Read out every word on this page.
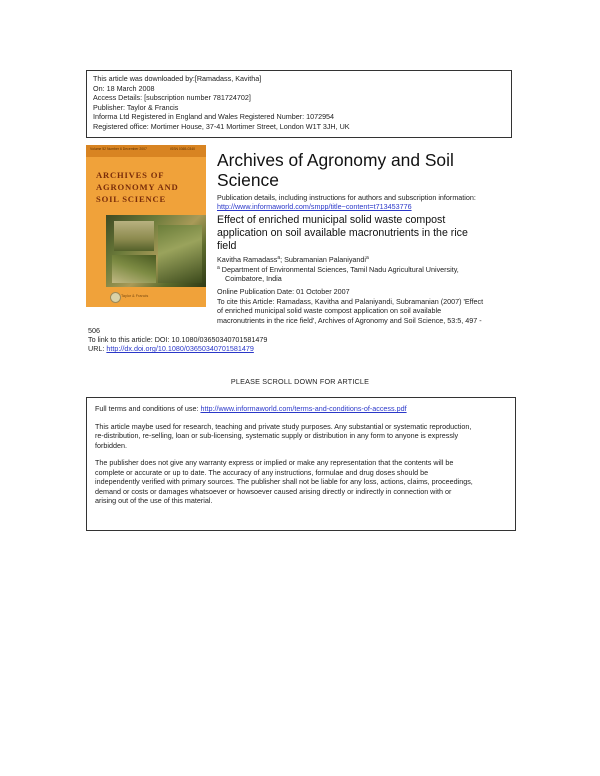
This article was downloaded by:[Ramadass, Kavitha]
On: 18 March 2008
Access Details: [subscription number 781724702]
Publisher: Taylor & Francis
Informa Ltd Registered in England and Wales Registered Number: 1072954
Registered office: Mortimer House, 37-41 Mortimer Street, London W1T 3JH, UK
Volume 52 Number 6 December 2007	ISSN 0365-0340
ARCHIVES OF
AGRONOMY AND
SOIL SCIENCE
Taylor & Francis
Archives of Agronomy and Soil
Science
Publication details, including instructions for authors and subscription information:
http://www.informaworld.com/smpp/title~content=t713453776
Effect of enriched municipal solid waste compost
application on soil available macronutrients in the rice
field
Kavitha Ramadass$^a$; Subramanian Palaniyandi$^a$
$^a$ Department of Environmental Sciences, Tamil Nadu Agricultural University,
Coimbatore, India
Online Publication Date: 01 October 2007
To cite this Article: Ramadass, Kavitha and Palaniyandi, Subramanian (2007) 'Effect
of enriched municipal solid waste compost application on soil available
macronutrients in the rice field', Archives of Agronomy and Soil Science, 53:5, 497 -
506
To link to this article: DOI: 10.1080/03650340701581479
URL: http://dx.doi.org/10.1080/03650340701581479
PLEASE SCROLL DOWN FOR ARTICLE
Full terms and conditions of use: http://www.informaworld.com/terms-and-conditions-of-access.pdf
This article maybe used for research, teaching and private study purposes. Any substantial or systematic reproduction,
re-distribution, re-selling, loan or sub-licensing, systematic supply or distribution in any form to anyone is expressly
forbidden.
The publisher does not give any warranty express or implied or make any representation that the contents will be
complete or accurate or up to date. The accuracy of any instructions, formulae and drug doses should be
independently verified with primary sources. The publisher shall not be liable for any loss, actions, claims, proceedings,
demand or costs or damages whatsoever or howsoever caused arising directly or indirectly in connection with or
arising out of the use of this material.
